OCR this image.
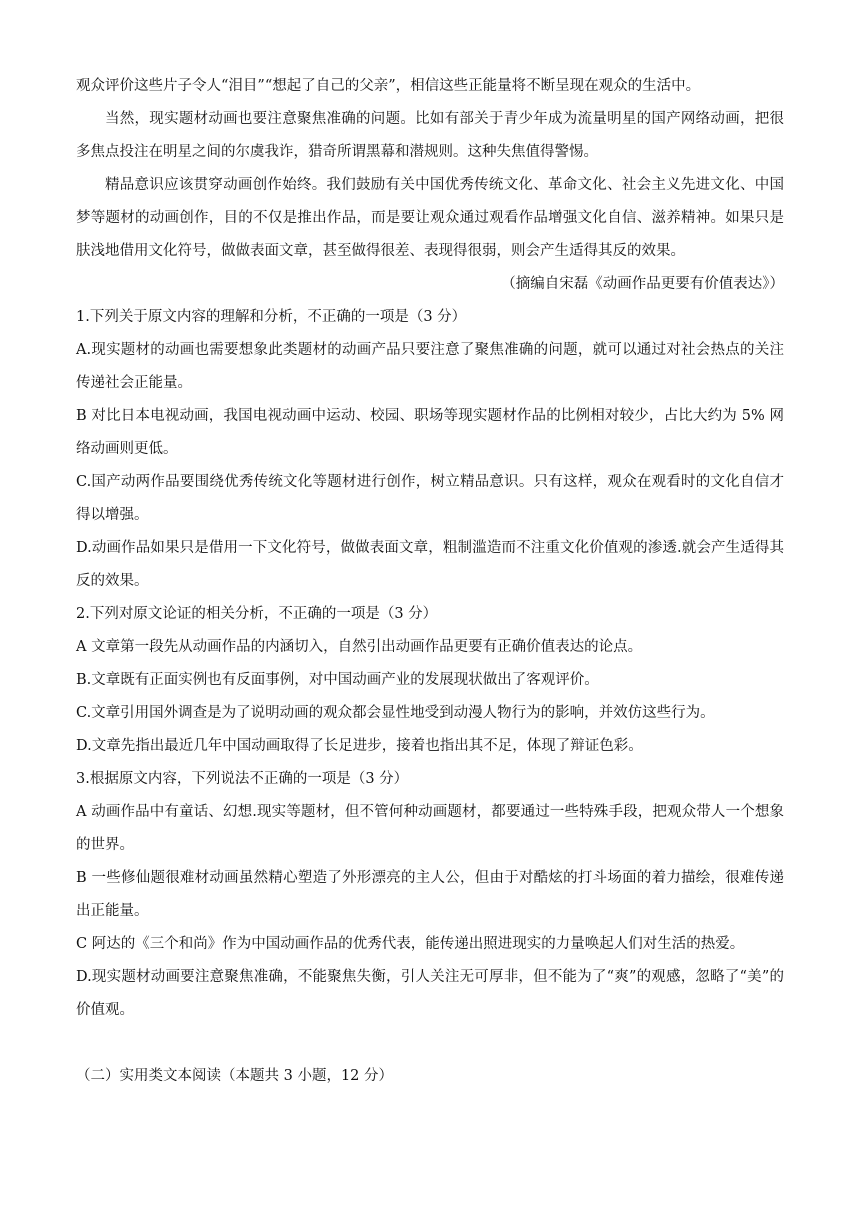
观众评价这些片子令人“泪目”“想起了自己的父亲”，相信这些正能量将不断呈现在观众的生活中。

当然，现实题材动画也要注意聚焦准确的问题。比如有部关于青少年成为流量明星的国产网络动画，把很多焦点投注在明星之间的尔虞我诈，猎奇所谓黑幕和潜规则。这种失焦值得警惕。

精品意识应该贯穿动画创作始终。我们鼓励有关中国优秀传统文化、革命文化、社会主义先进文化、中国梦等题材的动画创作，目的不仅是推出作品，而是要让观众通过观看作品增强文化自信、滋养精神。如果只是肤浅地借用文化符号，做做表面文章，甚至做得很差、表现得很弱，则会产生适得其反的效果。

（摘编自宋磊《动画作品更要有价值表达》）

1.下列关于原文内容的理解和分析，不正确的一项是（3 分）

A.现实题材的动画也需要想象此类题材的动画产品只要注意了聚焦准确的问题，就可以通过对社会热点的关注传递社会正能量。

B 对比日本电视动画，我国电视动画中运动、校园、职场等现实题材作品的比例相对较少，占比大约为 5% 网络动画则更低。

C.国产动两作品要围绕优秀传统文化等题材进行创作，树立精品意识。只有这样，观众在观看时的文化自信才得以增强。

D.动画作品如果只是借用一下文化符号，做做表面文章，粗制滥造而不注重文化价值观的渗透.就会产生适得其反的效果。

2.下列对原文论证的相关分析，不正确的一项是（3 分）

A 文章第一段先从动画作品的内涵切入，自然引出动画作品更要有正确价值表达的论点。

B.文章既有正面实例也有反面事例，对中国动画产业的发展现状做出了客观评价。

C.文章引用国外调查是为了说明动画的观众都会显性地受到动漫人物行为的影响，并效仿这些行为。

D.文章先指出最近几年中国动画取得了长足进步，接着也指出其不足，体现了辩证色彩。

3.根据原文内容，下列说法不正确的一项是（3 分）

A 动画作品中有童话、幻想.现实等题材，但不管何种动画题材，都要通过一些特殊手段，把观众带人一个想象的世界。

B 一些修仙题很难材动画虽然精心塑造了外形漂亮的主人公，但由于对酷炫的打斗场面的着力描绘，很难传递出正能量。

C 阿达的《三个和尚》作为中国动画作品的优秀代表，能传递出照进现实的力量唤起人们对生活的热爱。

D.现实题材动画要注意聚焦准确，不能聚焦失衡，引人关注无可厚非，但不能为了“爽”的观感，忽略了“美”的价值观。

（二）实用类文本阅读（本题共 3 小题，12 分）
